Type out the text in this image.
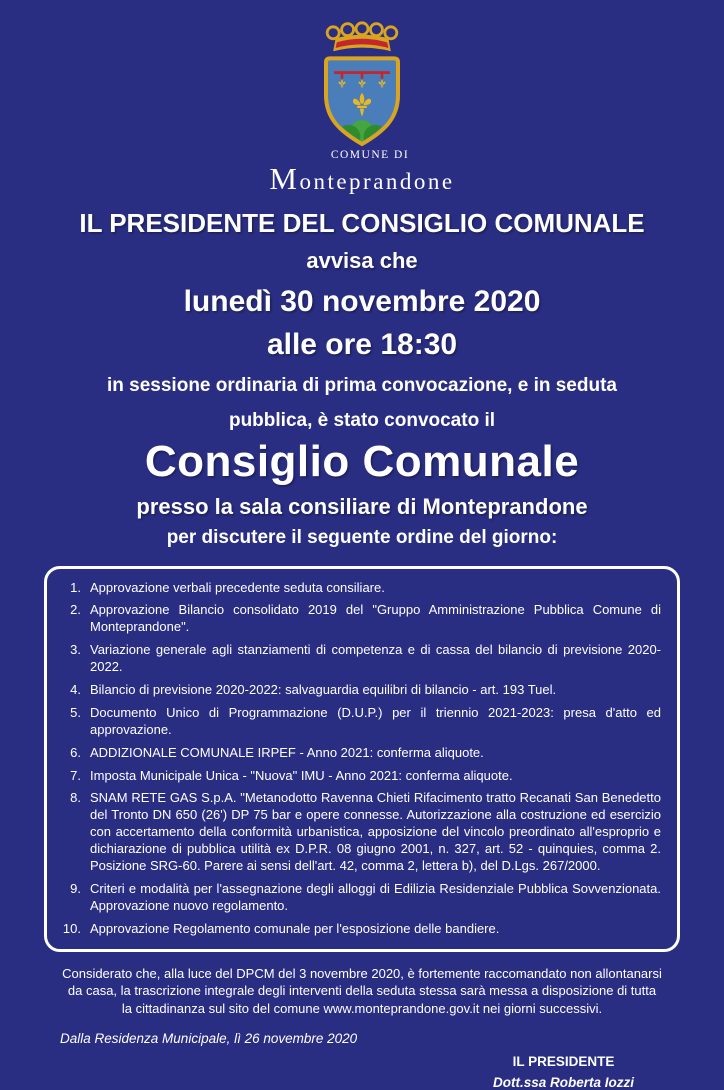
COMUNE DI
Monteprandone
IL PRESIDENTE DEL CONSIGLIO COMUNALE
avvisa che
lunedì 30 novembre 2020
alle ore 18:30
in sessione ordinaria di prima convocazione, e in seduta
pubblica, è stato convocato il
Consiglio Comunale
presso la sala consiliare di Monteprandone
per discutere il seguente ordine del giorno:
1. Approvazione verbali precedente seduta consiliare.
2. Approvazione Bilancio consolidato 2019 del "Gruppo Amministrazione Pubblica Comune di Monteprandone".
3. Variazione generale agli stanziamenti di competenza e di cassa del bilancio di previsione 2020-2022.
4. Bilancio di previsione 2020-2022: salvaguardia equilibri di bilancio - art. 193 Tuel.
5. Documento Unico di Programmazione (D.U.P.) per il triennio 2021-2023: presa d'atto ed approvazione.
6. ADDIZIONALE COMUNALE IRPEF - Anno 2021: conferma aliquote.
7. Imposta Municipale Unica - "Nuova" IMU - Anno 2021: conferma aliquote.
8. SNAM RETE GAS S.p.A. "Metanodotto Ravenna Chieti Rifacimento tratto Recanati San Benedetto del Tronto DN 650 (26') DP 75 bar e opere connesse. Autorizzazione alla costruzione ed esercizio con accertamento della conformità urbanistica, apposizione del vincolo preordinato all'esproprio e dichiarazione di pubblica utilità ex D.P.R. 08 giugno 2001, n. 327, art. 52 - quinquies, comma 2. Posizione SRG-60. Parere ai sensi dell'art. 42, comma 2, lettera b), del D.Lgs. 267/2000.
9. Criteri e modalità per l'assegnazione degli alloggi di Edilizia Residenziale Pubblica Sovvenzionata. Approvazione nuovo regolamento.
10. Approvazione Regolamento comunale per l'esposizione delle bandiere.
Considerato che, alla luce del DPCM del 3 novembre 2020, è fortemente raccomandato non allontanarsi da casa, la trascrizione integrale degli interventi della seduta stessa sarà messa a disposizione di tutta la cittadinanza sul sito del comune www.monteprandone.gov.it nei giorni successivi.
Dalla Residenza Municipale, lì 26 novembre 2020
IL PRESIDENTE
Dott.ssa Roberta Iozzi
